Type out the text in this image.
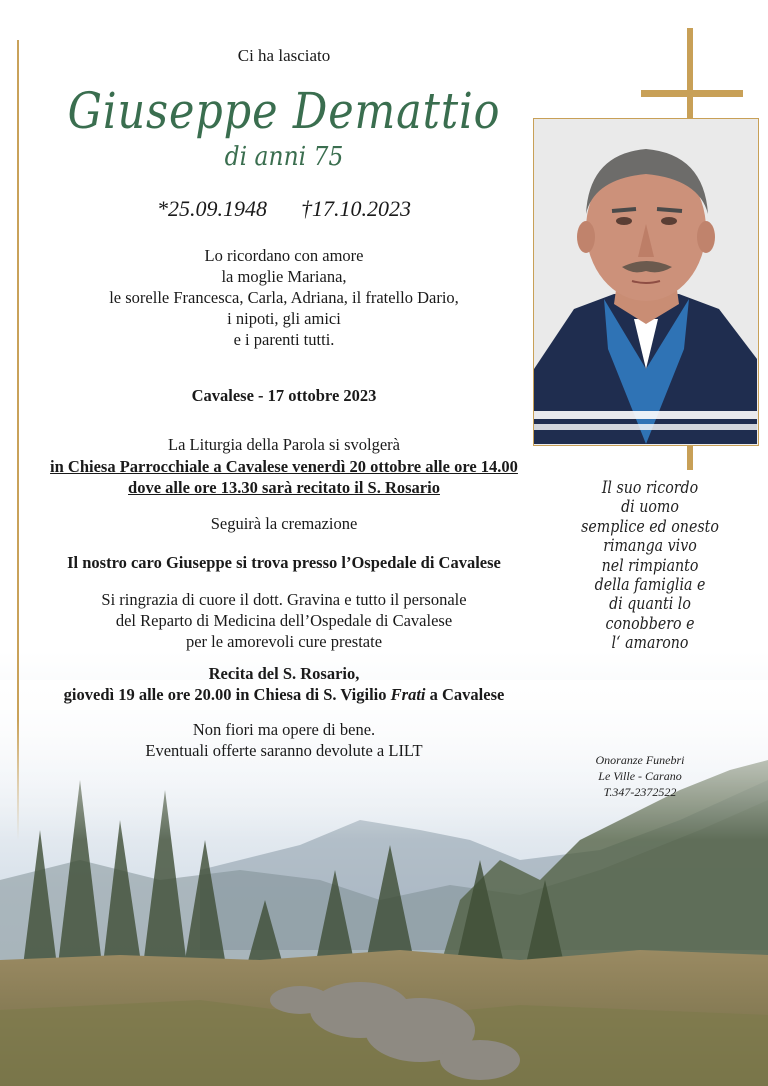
Ci ha lasciato
Giuseppe Demattio
di anni 75
*25.09.1948 †17.10.2023
Lo ricordano con amore
la moglie Mariana,
le sorelle Francesca, Carla, Adriana, il fratello Dario,
i nipoti, gli amici
e i parenti tutti.
Cavalese - 17 ottobre 2023
La Liturgia della Parola si svolgerà
in Chiesa Parrocchiale a Cavalese venerdì 20 ottobre alle ore 14.00
dove alle ore 13.30 sarà recitato il S. Rosario
Seguirà la cremazione
Il nostro caro Giuseppe si trova presso l’Ospedale di Cavalese
Si ringrazia di cuore il dott. Gravina e tutto il personale
del Reparto di Medicina dell’Ospedale di Cavalese
per le amorevoli cure prestate
Recita del S. Rosario,
giovedì 19 alle ore 20.00 in Chiesa di S. Vigilio Frati a Cavalese
Non fiori ma opere di bene.
Eventuali offerte saranno devolute a LILT
Il suo ricordo
di uomo
semplice ed onesto
rimanga vivo
nel rimpianto
della famiglia e
di quanti lo
conobbero e
l‘ amarono
Onoranze Funebri
Le Ville - Carano
T.347-2372522
